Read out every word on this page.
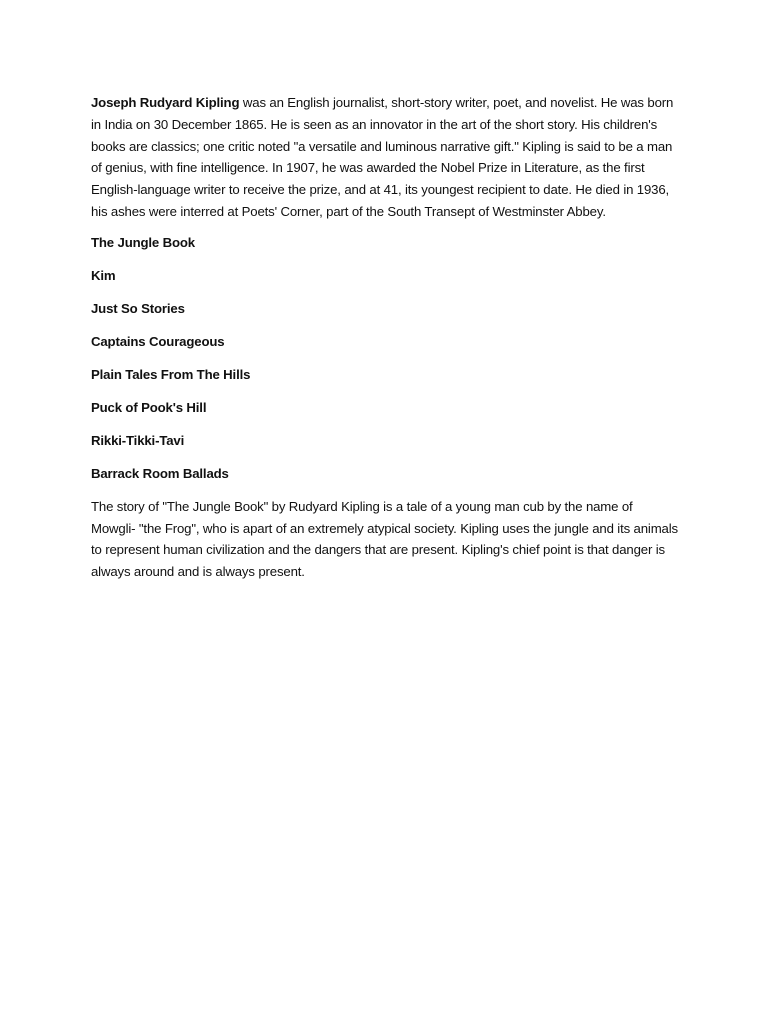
Joseph Rudyard Kipling was an English journalist, short-story writer, poet, and novelist. He was born in India on 30 December 1865. He is seen as an innovator in the art of the short story. His children's books are classics; one critic noted "a versatile and luminous narrative gift." Kipling is said to be a man of genius, with fine intelligence. In 1907, he was awarded the Nobel Prize in Literature, as the first English-language writer to receive the prize, and at 41, its youngest recipient to date. He died in 1936, his ashes were interred at Poets' Corner, part of the South Transept of Westminster Abbey.

The Jungle Book
Kim
Just So Stories
Captains Courageous
Plain Tales From The Hills
Puck of Pook's Hill
Rikki-Tikki-Tavi
Barrack Room Ballads

The story of "The Jungle Book" by Rudyard Kipling is a tale of a young man cub by the name of Mowgli- "the Frog", who is apart of an extremely atypical society. Kipling uses the jungle and its animals to represent human civilization and the dangers that are present. Kipling's chief point is that danger is always around and is always present.
